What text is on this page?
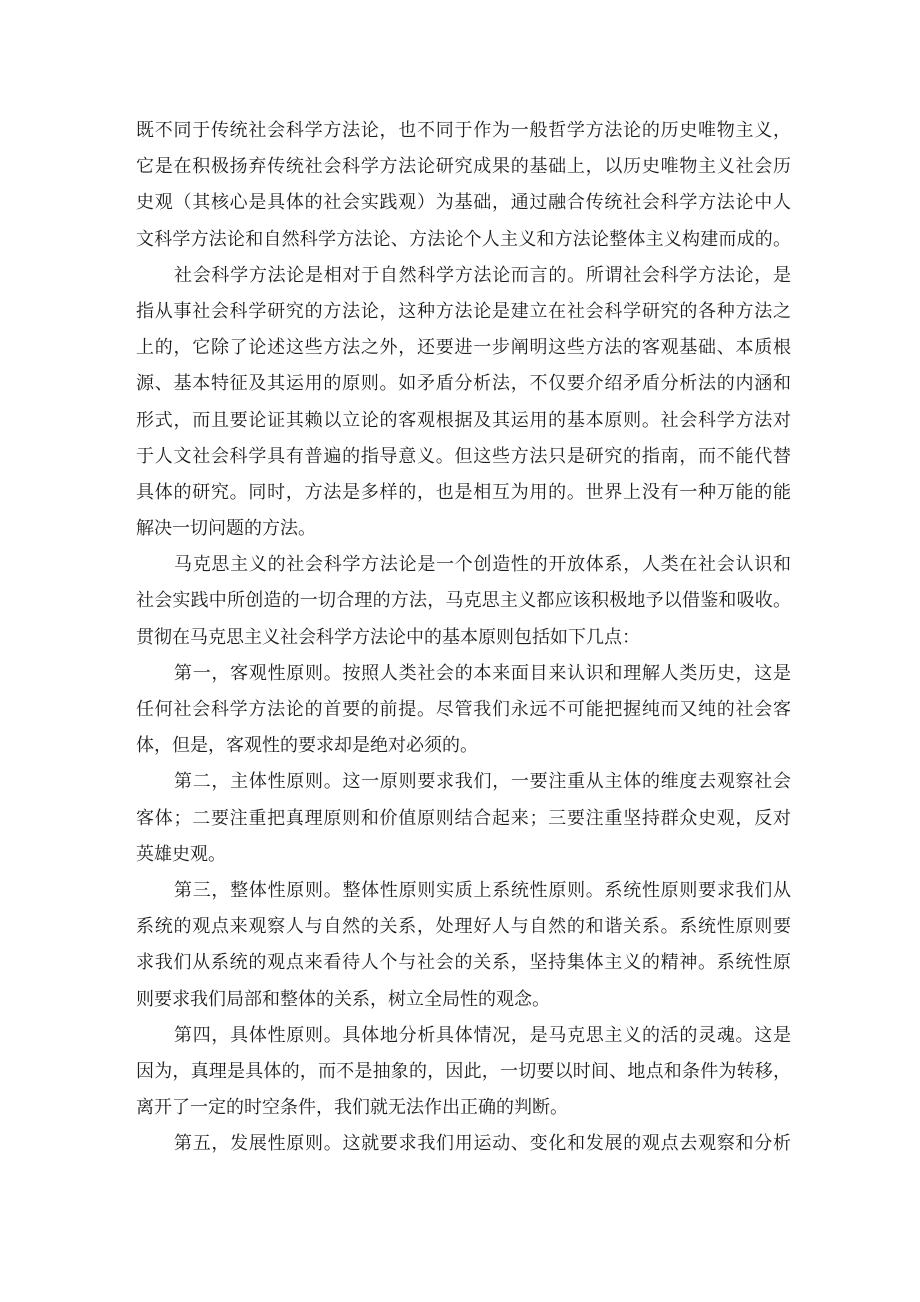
既不同于传统社会科学方法论，也不同于作为一般哲学方法论的历史唯物主义，
它是在积极扬弃传统社会科学方法论研究成果的基础上，以历史唯物主义社会历
史观（其核心是具体的社会实践观）为基础，通过融合传统社会科学方法论中人
文科学方法论和自然科学方法论、方法论个人主义和方法论整体主义构建而成的。
社会科学方法论是相对于自然科学方法论而言的。所谓社会科学方法论，是
指从事社会科学研究的方法论，这种方法论是建立在社会科学研究的各种方法之
上的，它除了论述这些方法之外，还要进一步阐明这些方法的客观基础、本质根
源、基本特征及其运用的原则。如矛盾分析法，不仅要介绍矛盾分析法的内涵和
形式，而且要论证其赖以立论的客观根据及其运用的基本原则。社会科学方法对
于人文社会科学具有普遍的指导意义。但这些方法只是研究的指南，而不能代替
具体的研究。同时，方法是多样的，也是相互为用的。世界上没有一种万能的能
解决一切问题的方法。
马克思主义的社会科学方法论是一个创造性的开放体系，人类在社会认识和
社会实践中所创造的一切合理的方法，马克思主义都应该积极地予以借鉴和吸收。
贯彻在马克思主义社会科学方法论中的基本原则包括如下几点：
第一，客观性原则。按照人类社会的本来面目来认识和理解人类历史，这是
任何社会科学方法论的首要的前提。尽管我们永远不可能把握纯而又纯的社会客
体，但是，客观性的要求却是绝对必须的。
第二，主体性原则。这一原则要求我们，一要注重从主体的维度去观察社会
客体；二要注重把真理原则和价值原则结合起来；三要注重坚持群众史观，反对
英雄史观。
第三，整体性原则。整体性原则实质上系统性原则。系统性原则要求我们从
系统的观点来观察人与自然的关系，处理好人与自然的和谐关系。系统性原则要
求我们从系统的观点来看待人个与社会的关系，坚持集体主义的精神。系统性原
则要求我们局部和整体的关系，树立全局性的观念。
第四，具体性原则。具体地分析具体情况，是马克思主义的活的灵魂。这是
因为，真理是具体的，而不是抽象的，因此，一切要以时间、地点和条件为转移，
离开了一定的时空条件，我们就无法作出正确的判断。
第五，发展性原则。这就要求我们用运动、变化和发展的观点去观察和分析
